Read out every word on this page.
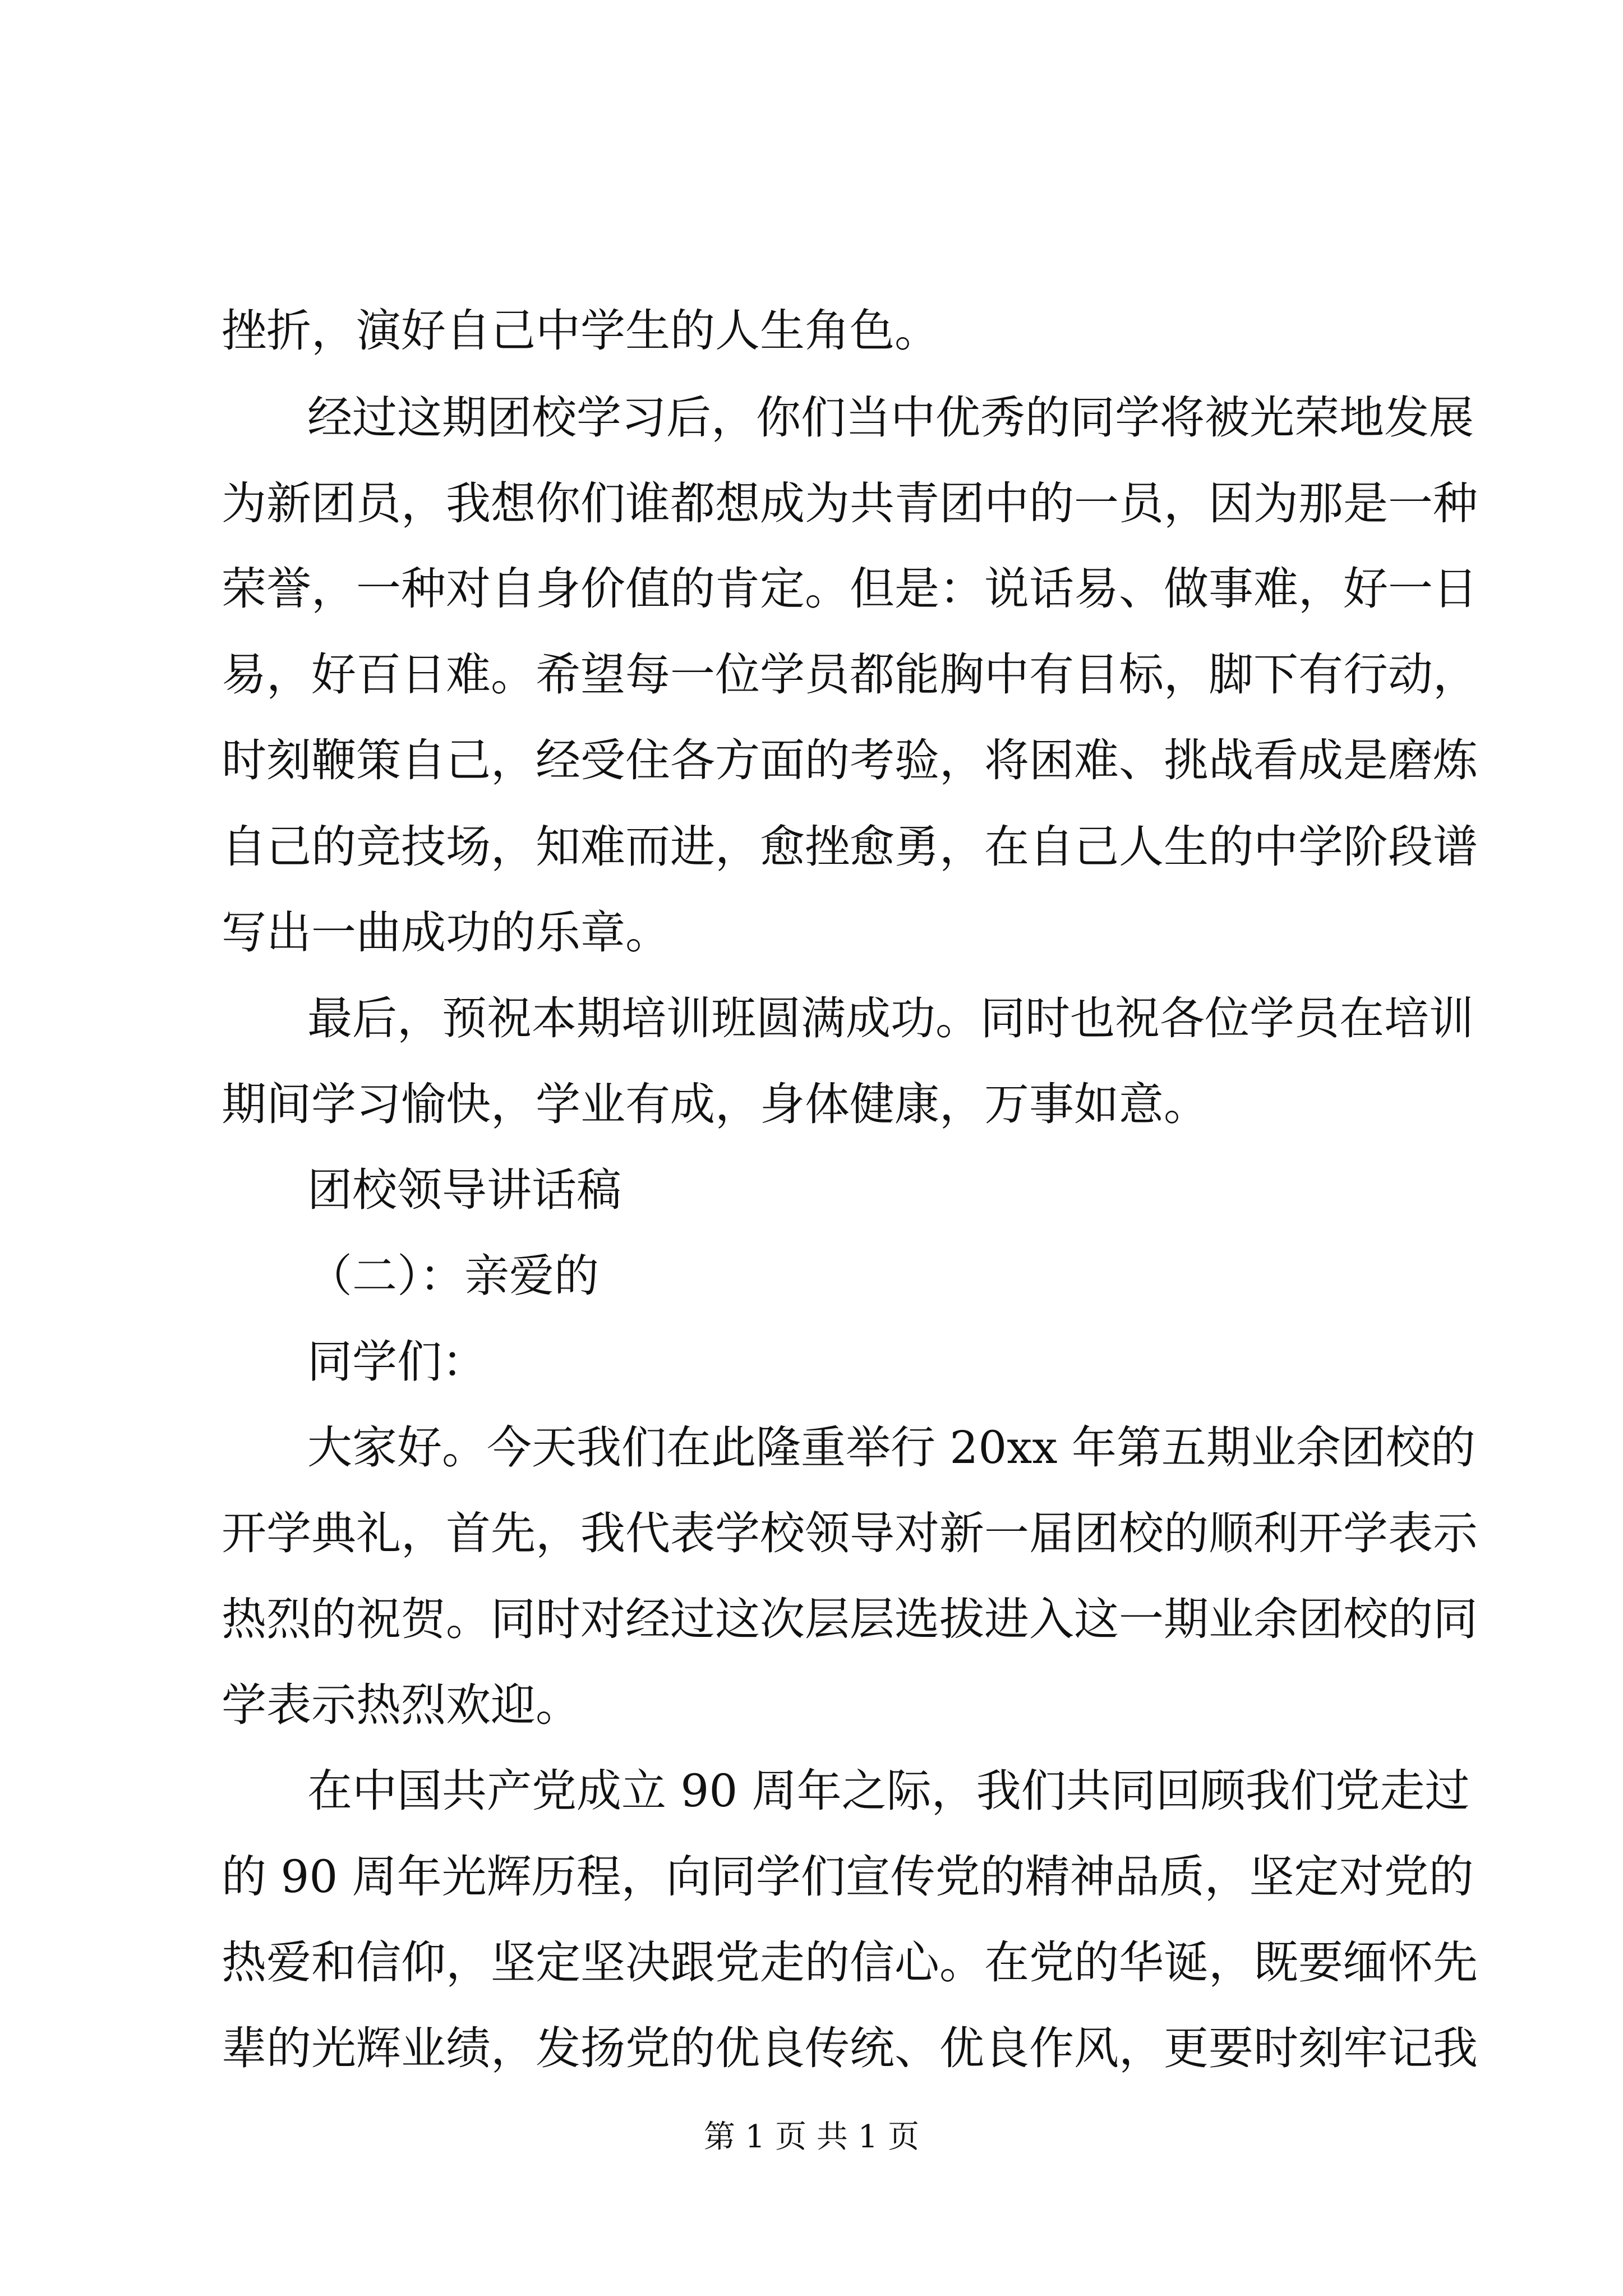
挫折，演好自己中学生的人生角色。
经过这期团校学习后，你们当中优秀的同学将被光荣地发展
为新团员，我想你们谁都想成为共青团中的一员，因为那是一种
荣誉，一种对自身价值的肯定。但是：说话易、做事难，好一日
易，好百日难。希望每一位学员都能胸中有目标，脚下有行动，
时刻鞭策自己，经受住各方面的考验，将困难、挑战看成是磨炼
自己的竞技场，知难而进，愈挫愈勇，在自己人生的中学阶段谱
写出一曲成功的乐章。
最后，预祝本期培训班圆满成功。同时也祝各位学员在培训
期间学习愉快，学业有成，身体健康，万事如意。
团校领导讲话稿
（二）：亲爱的
同学们：
大家好。今天我们在此隆重举行 20xx 年第五期业余团校的
开学典礼，首先，我代表学校领导对新一届团校的顺利开学表示
热烈的祝贺。同时对经过这次层层选拔进入这一期业余团校的同
学表示热烈欢迎。
在中国共产党成立 90 周年之际，我们共同回顾我们党走过
的 90 周年光辉历程，向同学们宣传党的精神品质，坚定对党的
热爱和信仰，坚定坚决跟党走的信心。在党的华诞，既要缅怀先
辈的光辉业绩，发扬党的优良传统、优良作风，更要时刻牢记我
第 1 页 共 1 页
